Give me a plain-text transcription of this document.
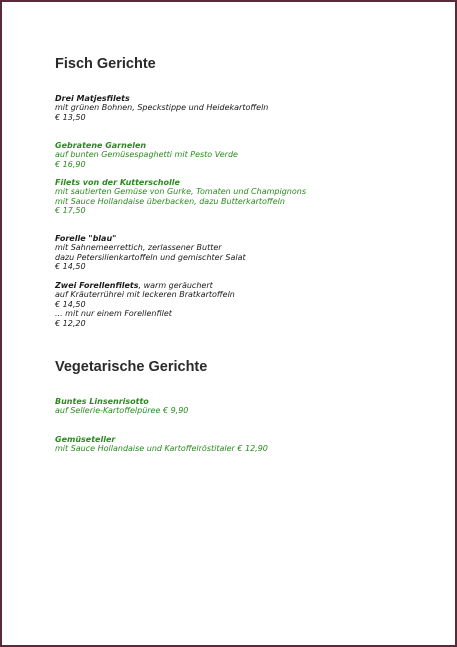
Fisch Gerichte
Drei Matjesfilets
mit grünen Bohnen, Speckstippe und Heidekartoffeln
€ 13,50
Gebratene Garnelen
auf bunten Gemüsespaghetti mit Pesto Verde
€ 16,90
Filets von der Kutterscholle
mit sautierten Gemüse von Gurke, Tomaten und Champignons
mit Sauce Hollandaise überbacken, dazu Butterkartoffeln
€ 17,50
Forelle "blau"
mit Sahnemeerrettich, zerlassener Butter
dazu Petersilienkartoffeln und gemischter Salat
€ 14,50
Zwei Forellenfilets, warm geräuchert
auf Kräuterrührei mit leckeren Bratkartoffeln
€ 14,50
... mit nur einem Forellenfilet
€ 12,20
Vegetarische Gerichte
Buntes Linsenrisotto
auf Sellerie-Kartoffelpüree € 9,90
Gemüseteller
mit Sauce Hollandaise und Kartoffelröstitaler € 12,90
